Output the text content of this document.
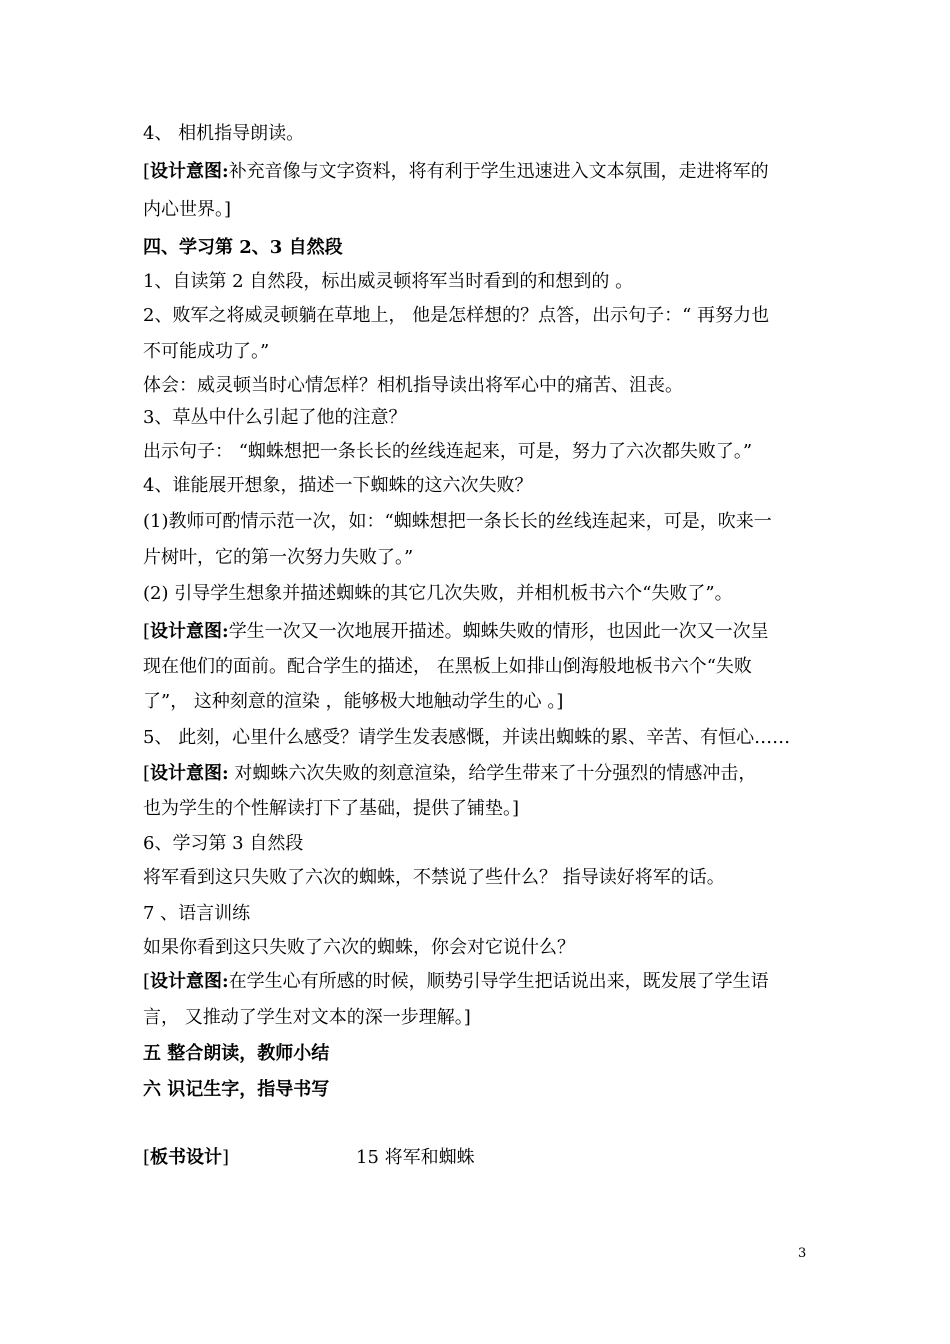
4、 相机指导朗读。
[设计意图:补充音像与文字资料，将有利于学生迅速进入文本氛围，走进将军的
内心世界。]
四、学习第 2、3 自然段
1、自读第 2 自然段，标出威灵顿将军当时看到的和想到的 。
2、败军之将威灵顿躺在草地上， 他是怎样想的？点答，出示句子：“ 再努力也
不可能成功了。”
体会：威灵顿当时心情怎样？相机指导读出将军心中的痛苦、沮丧。
3、草丛中什么引起了他的注意？
出示句子： “蜘蛛想把一条长长的丝线连起来，可是，努力了六次都失败了。”
4、谁能展开想象，描述一下蜘蛛的这六次失败？
(1)教师可酌情示范一次，如：“蜘蛛想把一条长长的丝线连起来，可是，吹来一
片树叶，它的第一次努力失败了。”
(2) 引导学生想象并描述蜘蛛的其它几次失败，并相机板书六个“失败了”。
[设计意图:学生一次又一次地展开描述。蜘蛛失败的情形，也因此一次又一次呈
现在他们的面前。配合学生的描述， 在黑板上如排山倒海般地板书六个“失败
了”， 这种刻意的渲染 ，能够极大地触动学生的心 。]
5、 此刻，心里什么感受？请学生发表感慨，并读出蜘蛛的累、辛苦、有恒心……
[设计意图: 对蜘蛛六次失败的刻意渲染，给学生带来了十分强烈的情感冲击，
也为学生的个性解读打下了基础，提供了铺垫。]
6、学习第 3 自然段
将军看到这只失败了六次的蜘蛛，不禁说了些什么？ 指导读好将军的话。
7 、语言训练
如果你看到这只失败了六次的蜘蛛，你会对它说什么？
[设计意图:在学生心有所感的时候，顺势引导学生把话说出来，既发展了学生语
言， 又推动了学生对文本的深一步理解。]
五 整合朗读，教师小结
六 识记生字，指导书写
[板书设计]	15 将军和蜘蛛
3
